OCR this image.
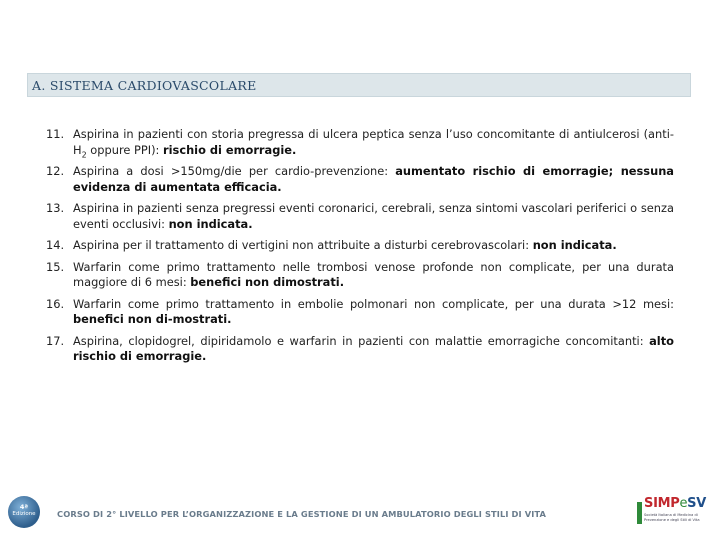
A. SISTEMA CARDIOVASCOLARE
11. Aspirina in pazienti con storia pregressa di ulcera peptica senza l’uso concomitante di antiulcerosi ($anti-H_2$ oppure PPI): rischio di emorragie.
12. Aspirina a dosi >150mg/die per cardio-prevenzione: aumentato rischio di emorragie; nessuna evidenza di aumentata efficacia.
13. Aspirina in pazienti senza pregressi eventi coronarici, cerebrali, senza sintomi vascolari periferici o senza eventi occlusivi: non indicata.
14. Aspirina per il trattamento di vertigini non attribuite a disturbi cerebrovascolari: non indicata.
15. Warfarin come primo trattamento nelle trombosi venose profonde non complicate, per una durata maggiore di 6 mesi: benefici non dimostrati.
16. Warfarin come primo trattamento in embolie polmonari non complicate, per una durata >12 mesi: benefici non di-mostrati.
17. Aspirina, clopidogrel, dipiridamolo e warfarin in pazienti con malattie emorragiche concomitanti: alto rischio di emorragie.
4ª
Edizione	CORSO DI 2° LIVELLO PER L’ORGANIZZAZIONE E LA GESTIONE DI UN AMBULATORIO DEGLI STILI DI VITA
SIMPeSV
Società Italiana di Medicina di Prevenzione e degli Stili di Vita
